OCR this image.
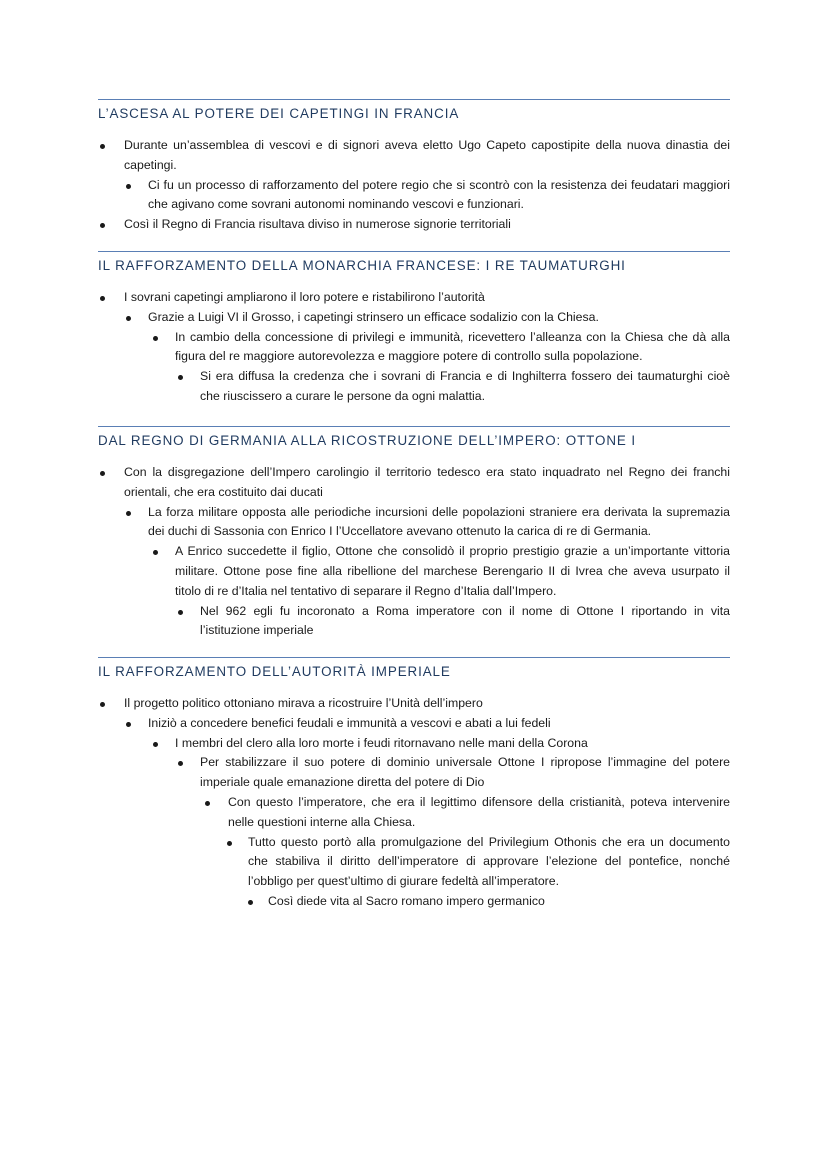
L’ASCESA AL POTERE DEI CAPETINGI IN FRANCIA
Durante un’assemblea di vescovi e di signori aveva eletto Ugo Capeto capostipite della nuova dinastia dei capetingi.
Ci fu un processo di rafforzamento del potere regio che si scontrò con la resistenza dei feudatari maggiori che agivano come sovrani autonomi nominando vescovi e funzionari.
Così il Regno di Francia risultava diviso in numerose signorie territoriali
IL RAFFORZAMENTO DELLA MONARCHIA FRANCESE: I RE TAUMATURGHI
I sovrani capetingi ampliarono il loro potere e ristabilirono l’autorità
Grazie a Luigi VI il Grosso, i capetingi strinsero un efficace sodalizio con la Chiesa.
In cambio della concessione di privilegi e immunità, ricevettero l’alleanza con la Chiesa che dà alla figura del re maggiore autorevolezza e maggiore potere di controllo sulla popolazione.
Si era diffusa la credenza che i sovrani di Francia e di Inghilterra fossero dei taumaturghi cioè che riuscissero a curare le persone da ogni malattia.
DAL REGNO DI GERMANIA ALLA RICOSTRUZIONE DELL’IMPERO: OTTONE I
Con la disgregazione dell’Impero carolingio il territorio tedesco era stato inquadrato nel Regno dei franchi orientali, che era costituito dai ducati
La forza militare opposta alle periodiche incursioni delle popolazioni straniere era derivata la supremazia dei duchi di Sassonia con Enrico I l’Uccellatore avevano ottenuto la carica di re di Germania.
A Enrico succedette il figlio, Ottone che consolidò il proprio prestigio grazie a un’importante vittoria militare. Ottone pose fine alla ribellione del marchese Berengario II di Ivrea che aveva usurpato il titolo di re d’Italia nel tentativo di separare il Regno d’Italia dall’Impero.
Nel 962 egli fu incoronato a Roma imperatore con il nome di Ottone I riportando in vita l’istituzione imperiale
IL RAFFORZAMENTO DELL’AUTORITÀ IMPERIALE
Il progetto politico ottoniano mirava a ricostruire l’Unità dell’impero
Iniziò a concedere benefici feudali e immunità a vescovi e abati a lui fedeli
I membri del clero alla loro morte i feudi ritornavano nelle mani della Corona
Per stabilizzare il suo potere di dominio universale Ottone I ripropose l’immagine del potere imperiale quale emanazione diretta del potere di Dio
Con questo l’imperatore, che era il legittimo difensore della cristianità, poteva intervenire nelle questioni interne alla Chiesa.
Tutto questo portò alla promulgazione del Privilegium Othonis che era un documento che stabiliva il diritto dell’imperatore di approvare l’elezione del pontefice, nonché l’obbligo per quest’ultimo di giurare fedeltà all’imperatore.
Così diede vita al Sacro romano impero germanico
